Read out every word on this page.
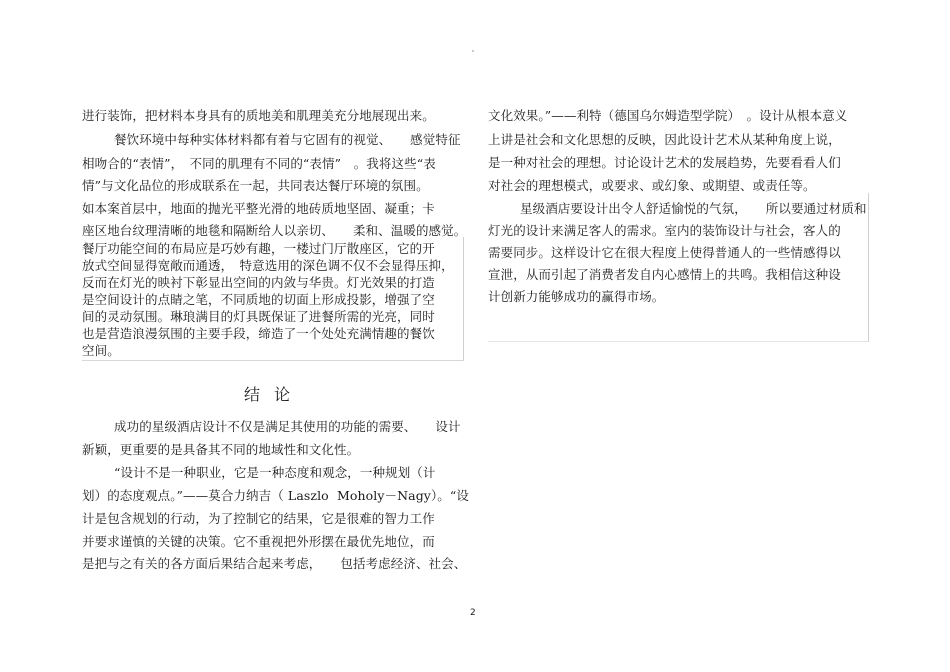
进行装饰，把材料本身具有的质地美和肌理美充分地展现出来。
餐饮环境中每种实体材料都有着与它固有的视觉、　　感觉特征
相吻合的“表情”，　不同的肌理有不同的“表情”　。我将这些“表
情”与文化品位的形成联系在一起，共同表达餐厅环境的氛围。
如本案首层中，地面的抛光平整光滑的地砖质地坚固、凝重；卡
座区地台纹理清晰的地毯和隔断给人以亲切、　　柔和、温暖的感觉。
餐厅功能空间的布局应是巧妙有趣，一楼过门厅散座区，它的开
放式空间显得宽敞而通透，　特意选用的深色调不仅不会显得压抑，
反而在灯光的映衬下彰显出空间的内敛与华贵。灯光效果的打造
是空间设计的点睛之笔，不同质地的切面上形成投影，增强了空
间的灵动氛围。琳琅满目的灯具既保证了进餐所需的光亮，同时
也是营造浪漫氛围的主要手段，缔造了一个处处充满情趣的餐饮
空间。
结论
成功的星级酒店设计不仅是满足其使用的功能的需要、　　设计
新颖，更重要的是具备其不同的地域性和文化性。
“设计不是一种职业，它是一种态度和观念，一种规划（计
划）的态度观点。”——莫合力纳吉（ Laszlo  Moholy－Nagy）。“设
计是包含规划的行动，为了控制它的结果，它是很难的智力工作
并要求谨慎的关键的决策。它不重视把外形摆在最优先地位，而
是把与之有关的各方面后果结合起来考虑，　　包括考虑经济、社会、
文化效果。”——利特（德国乌尔姆造型学院）　。设计从根本意义
上讲是社会和文化思想的反映，因此设计艺术从某种角度上说，
是一种对社会的理想。讨论设计艺术的发展趋势，先要看看人们
对社会的理想模式，或要求、或幻象、或期望、或责任等。
星级酒店要设计出令人舒适愉悦的气氛，　　所以要通过材质和
灯光的设计来满足客人的需求。室内的装饰设计与社会，客人的
需要同步。这样设计它在很大程度上使得普通人的一些情感得以
宣泄，从而引起了消费者发自内心感情上的共鸣。我相信这种设
计创新力能够成功的赢得市场。
2
